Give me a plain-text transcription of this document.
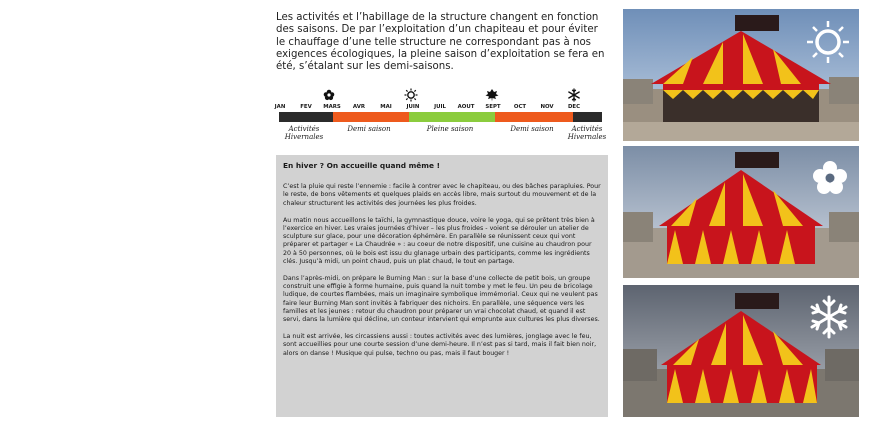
Les activités et l’habillage de la structure changent en fonction des saisons. De par l’exploitation d’un chapiteau et pour éviter le chauffage d’une telle structure ne correspondant pas à nos exigences écologiques, la pleine saison d’exploitation se fera en été, s’étalant sur les demi-saisons.

JAN	FEV MARS AVR	MAI	JUIN	JUIL AOUT SEPT OCT	NOV	DEC
Activités
Hivernales
Demi saison	Pleine saison	Demi saison	Activités
Hivernales
En hiver ? On accueille quand même !

C’est la pluie qui reste l’ennemie : facile à contrer avec le chapiteau, ou des bâches parapluies. Pour le reste, de bons vêtements et quelques plaids en accès libre, mais surtout du mouvement et de la chaleur structurent les activités des journées les plus froides.

Au matin nous accueillons le taïchi, la gymnastique douce, voire le yoga, qui se prêtent très bien à l’exercice en hiver. Les vraies journées d’hiver – les plus froides - voient se dérouler un atelier de sculpture sur glace, pour une décoration éphémère. En parallèle se réunissent ceux qui vont préparer et partager « La Chaudrée » : au coeur de notre dispositif, une cuisine au chaudron pour 20 à 50 personnes, où le bois est issu du glanage urbain des participants, comme les ingrédients clés. Jusqu’à midi, un point chaud, puis un plat chaud, le tout en partage.

Dans l’après-midi, on prépare le Burning Man : sur la base d’une collecte de petit bois, un groupe construit une effigie à forme humaine, puis quand la nuit tombe y met le feu. Un peu de bricolage ludique, de courtes flambées, mais un imaginaire symbolique immémorial. Ceux qui ne veulent pas faire leur Burning Man sont invités à fabriquer des nichoirs. En parallèle, une séquence vers les familles et les jeunes : retour du chaudron pour préparer un vrai chocolat chaud, et quand il est servi, dans la lumière qui décline, un conteur intervient qui emprunte aux cultures les plus diverses.

La nuit est arrivée, les circassiens aussi : toutes activités avec des lumières, jonglage avec le feu, sont accueillies pour une courte session d’une demi-heure. Il n’est pas si tard, mais il fait bien noir, alors on danse ! Musique qui pulse, techno ou pas, mais il faut bouger !
